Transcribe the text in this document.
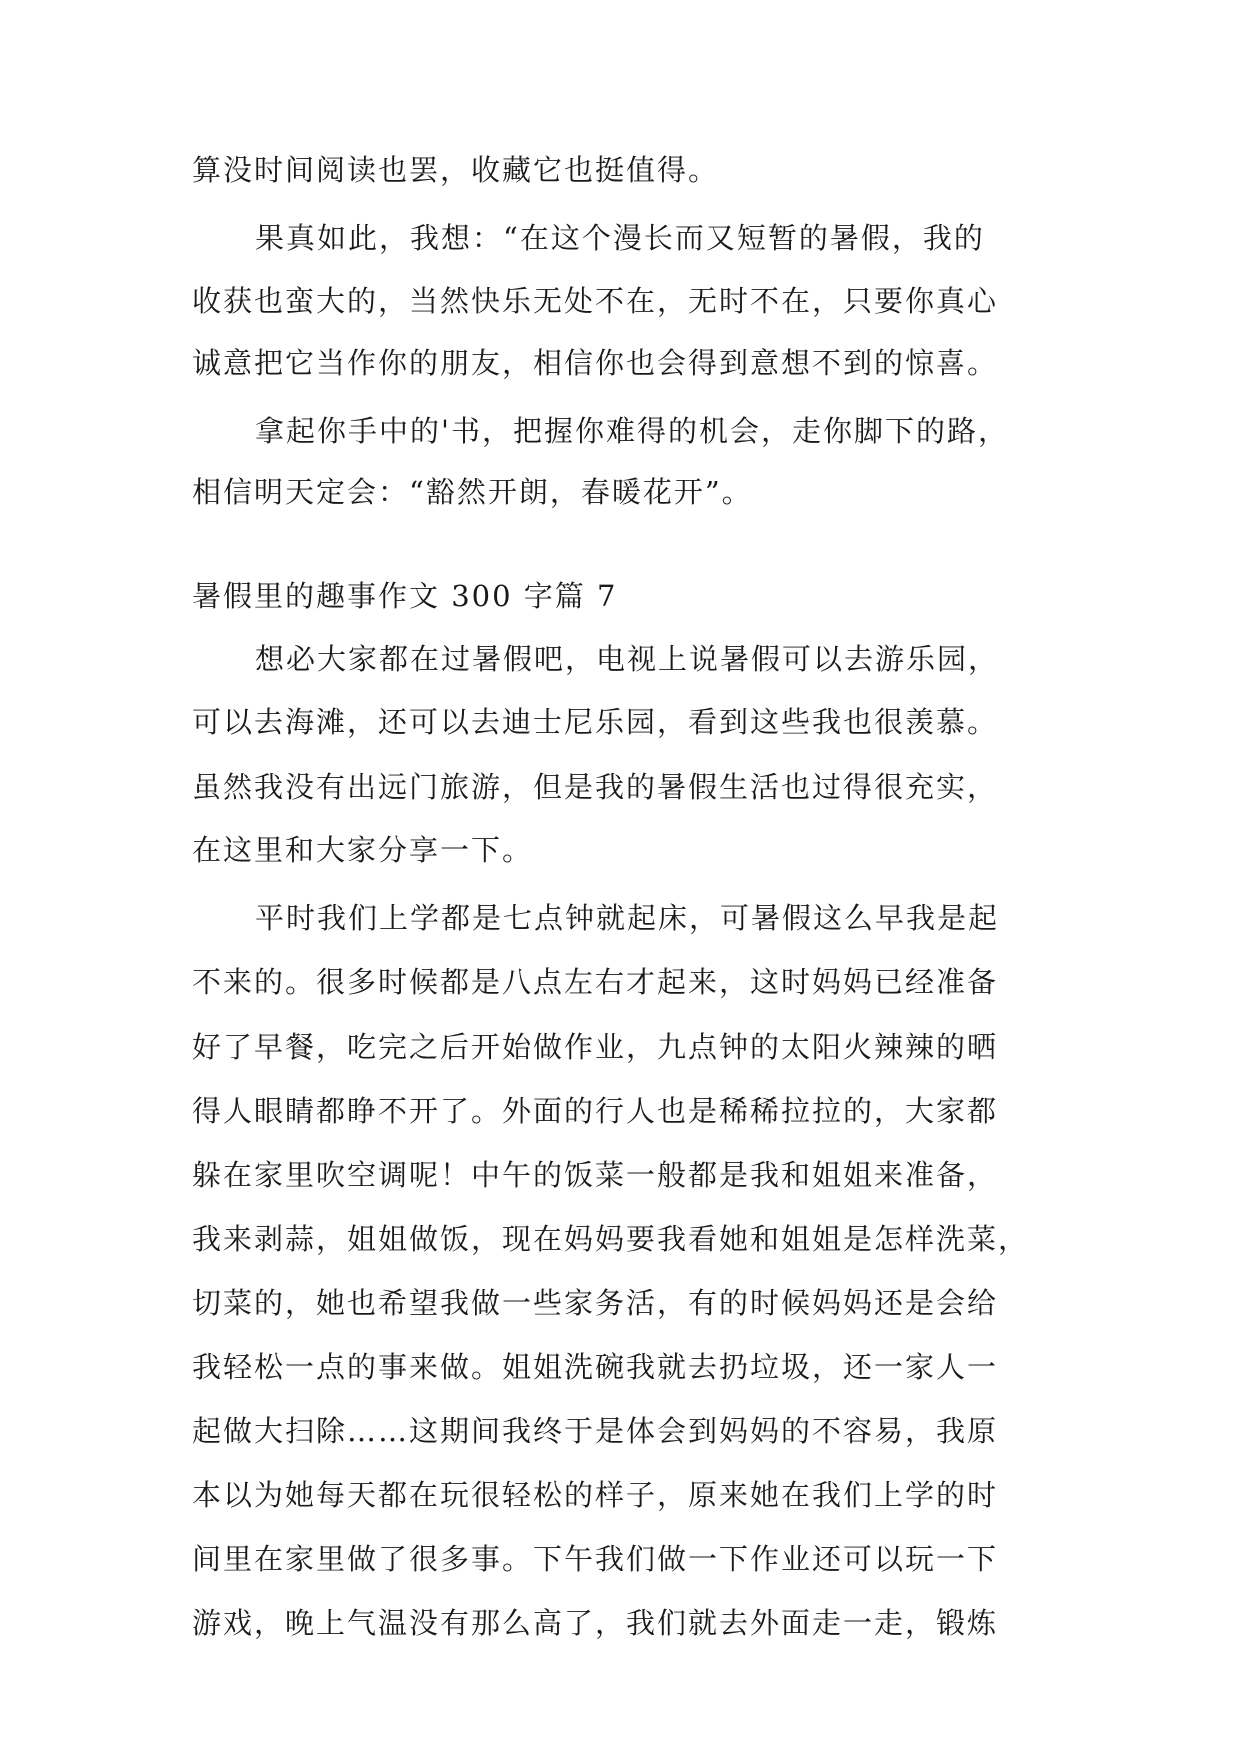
算没时间阅读也罢，收藏它也挺值得。
果真如此，我想：“在这个漫长而又短暂的暑假，我的
收获也蛮大的，当然快乐无处不在，无时不在，只要你真心
诚意把它当作你的朋友，相信你也会得到意想不到的惊喜。
拿起你手中的'书，把握你难得的机会，走你脚下的路，
相信明天定会：“豁然开朗，春暖花开”。
暑假里的趣事作文 300 字篇 7
想必大家都在过暑假吧，电视上说暑假可以去游乐园，
可以去海滩，还可以去迪士尼乐园，看到这些我也很羡慕。
虽然我没有出远门旅游，但是我的暑假生活也过得很充实，
在这里和大家分享一下。
平时我们上学都是七点钟就起床，可暑假这么早我是起
不来的。很多时候都是八点左右才起来，这时妈妈已经准备
好了早餐，吃完之后开始做作业，九点钟的太阳火辣辣的晒
得人眼睛都睁不开了。外面的行人也是稀稀拉拉的，大家都
躲在家里吹空调呢！中午的饭菜一般都是我和姐姐来准备，
我来剥蒜，姐姐做饭，现在妈妈要我看她和姐姐是怎样洗菜，
切菜的，她也希望我做一些家务活，有的时候妈妈还是会给
我轻松一点的事来做。姐姐洗碗我就去扔垃圾，还一家人一
起做大扫除……这期间我终于是体会到妈妈的不容易，我原
本以为她每天都在玩很轻松的样子，原来她在我们上学的时
间里在家里做了很多事。下午我们做一下作业还可以玩一下
游戏，晚上气温没有那么高了，我们就去外面走一走，锻炼
